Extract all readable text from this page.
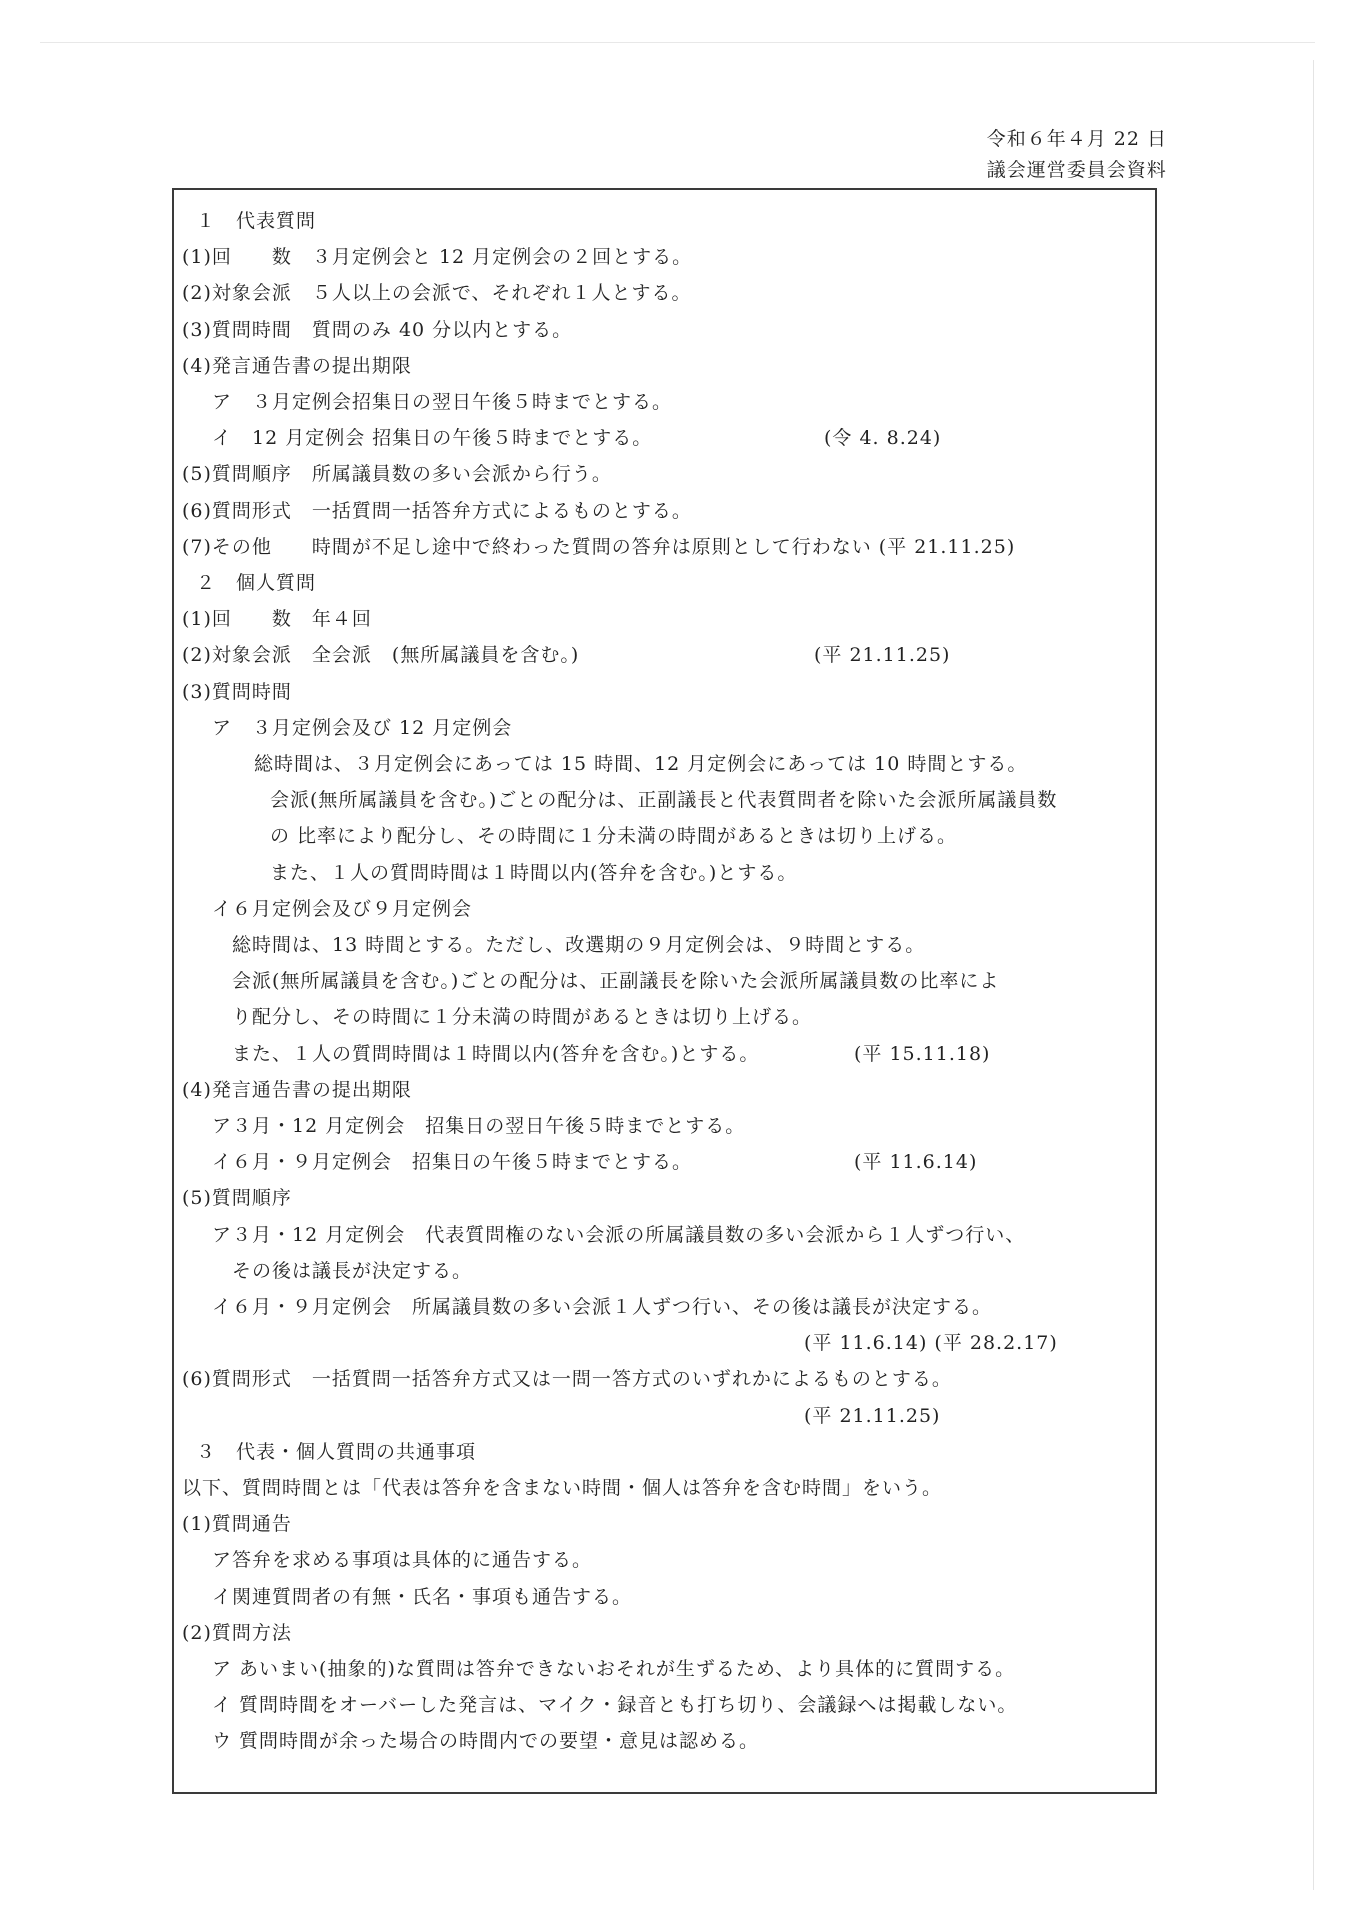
令和６年４月 22 日
議会運営委員会資料
１　代表質問
(1)回　　数　３月定例会と 12 月定例会の２回とする。
(2)対象会派　５人以上の会派で、それぞれ１人とする。
(3)質問時間　質問のみ 40 分以内とする。
(4)発言通告書の提出期限
ア　３月定例会招集日の翌日午後５時までとする。
イ　12 月定例会 招集日の午後５時までとする。	(令 4. 8.24)
(5)質問順序　所属議員数の多い会派から行う。
(6)質問形式　一括質問一括答弁方式によるものとする。
(7)その他　　時間が不足し途中で終わった質問の答弁は原則として行わない (平 21.11.25)
２　個人質問
(1)回　　数　年４回
(2)対象会派　全会派　(無所属議員を含む。)	(平 21.11.25)
(3)質問時間
ア　３月定例会及び 12 月定例会
総時間は、３月定例会にあっては 15 時間、12 月定例会にあっては 10 時間とする。
会派(無所属議員を含む。)ごとの配分は、正副議長と代表質問者を除いた会派所属議員数
の 比率により配分し、その時間に１分未満の時間があるときは切り上げる。
また、１人の質問時間は１時間以内(答弁を含む。)とする。
イ６月定例会及び９月定例会
総時間は、13 時間とする。ただし、改選期の９月定例会は、９時間とする。
会派(無所属議員を含む。)ごとの配分は、正副議長を除いた会派所属議員数の比率によ
り配分し、その時間に１分未満の時間があるときは切り上げる。
また、１人の質問時間は１時間以内(答弁を含む。)とする。	(平 15.11.18)
(4)発言通告書の提出期限
ア３月・12 月定例会　招集日の翌日午後５時までとする。
イ６月・９月定例会　招集日の午後５時までとする。	(平 11.6.14)
(5)質問順序
ア３月・12 月定例会　代表質問権のない会派の所属議員数の多い会派から１人ずつ行い、
その後は議長が決定する。
イ６月・９月定例会　所属議員数の多い会派１人ずつ行い、その後は議長が決定する。
(平 11.6.14) (平 28.2.17)
(6)質問形式　一括質問一括答弁方式又は一問一答方式のいずれかによるものとする。
(平 21.11.25)
３　代表・個人質問の共通事項
以下、質問時間とは「代表は答弁を含まない時間・個人は答弁を含む時間」をいう。
(1)質問通告
ア答弁を求める事項は具体的に通告する。
イ関連質問者の有無・氏名・事項も通告する。
(2)質問方法
ア あいまい(抽象的)な質問は答弁できないおそれが生ずるため、より具体的に質問する。
イ 質問時間をオーバーした発言は、マイク・録音とも打ち切り、会議録へは掲載しない。
ウ 質問時間が余った場合の時間内での要望・意見は認める。
